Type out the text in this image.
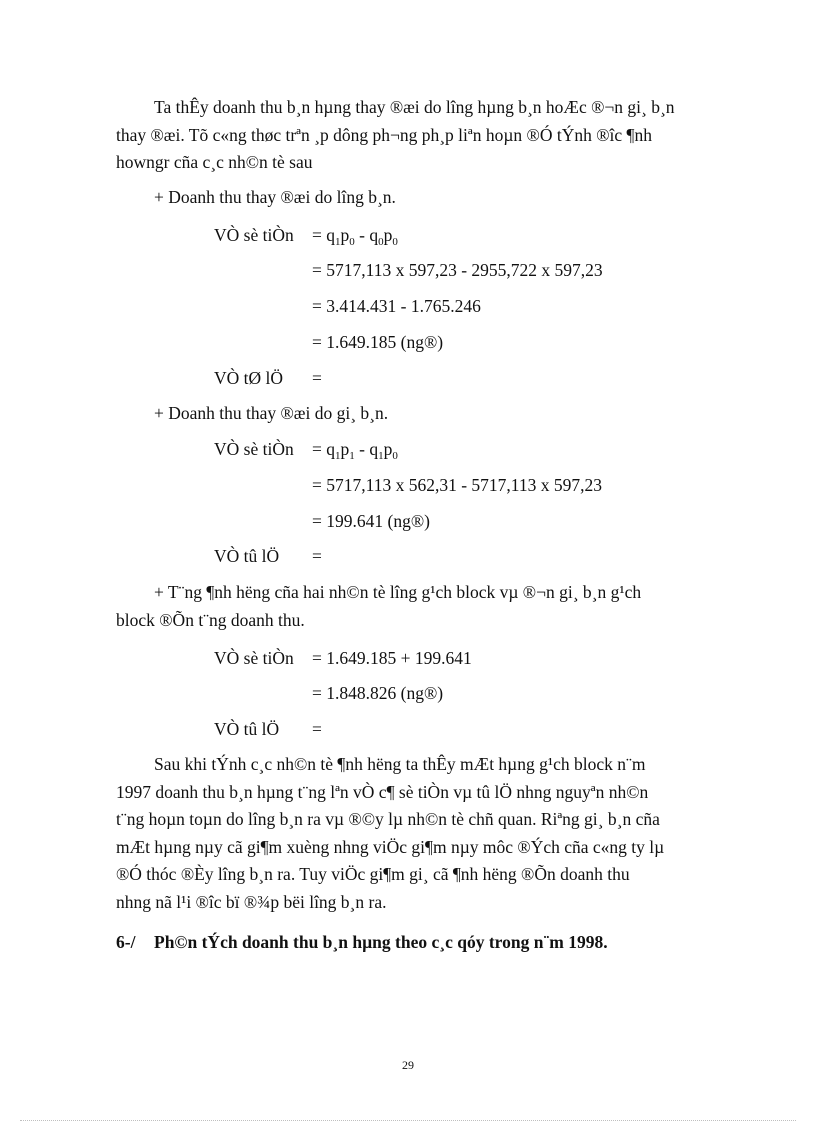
Ta thÊy doanh thu b¸n hµng thay ®æi do lîng hµng b¸n hoÆc ®¬n gi¸ b¸n
thay ®æi. Tõ c«ng thøc trªn ¸p dông ph¬ng ph¸p liªn hoµn ®Ó tÝnh ®îc ¶nh
howngr cña c¸c nh©n tè sau

+ Doanh thu thay ®æi do lîng b¸n.
VÒ sè tiÒn = $q_1p_0 - q_0p_0$
= 5717,113 x 597,23 - 2955,722 x 597,23
= 3.414.431 - 1.765.246
= 1.649.185 (ng®)
VÒ tØ lÖ =
+ Doanh thu thay ®æi do gi¸ b¸n.
VÒ sè tiÒn = $q_1p_1 - q_1p_0$
= 5717,113 x 562,31 - 5717,113 x 597,23
= 199.641 (ng®)
VÒ tû lÖ =

+ T¨ng ¶nh hëng cña hai nh©n tè lîng g¹ch block vµ ®¬n gi¸ b¸n g¹ch
block ®Õn t¨ng doanh thu.

VÒ sè tiÒn = 1.649.185 + 199.641
= 1.848.826 (ng®)
VÒ tû lÖ =

Sau khi tÝnh c¸c nh©n tè ¶nh hëng ta thÊy mÆt hµng g¹ch block n¨m
1997 doanh thu b¸n hµng t¨ng lªn vÒ c¶ sè tiÒn vµ tû lÖ nhng nguyªn nh©n
t¨ng hoµn toµn do lîng b¸n ra vµ ®©y lµ nh©n tè chñ quan. Riªng gi¸ b¸n cña
mÆt hµng nµy cã gi¶m xuèng nhng viÖc gi¶m nµy môc ®Ých cña c«ng ty lµ
®Ó thóc ®Èy lîng b¸n ra. Tuy viÖc gi¶m gi¸ cã ¶nh hëng ®Õn doanh thu
nhng nã l¹i ®îc bï ®¾p bëi lîng b¸n ra.

6-/ Ph©n tÝch doanh thu b¸n hµng theo c¸c qóy trong n¨m 1998.
29
